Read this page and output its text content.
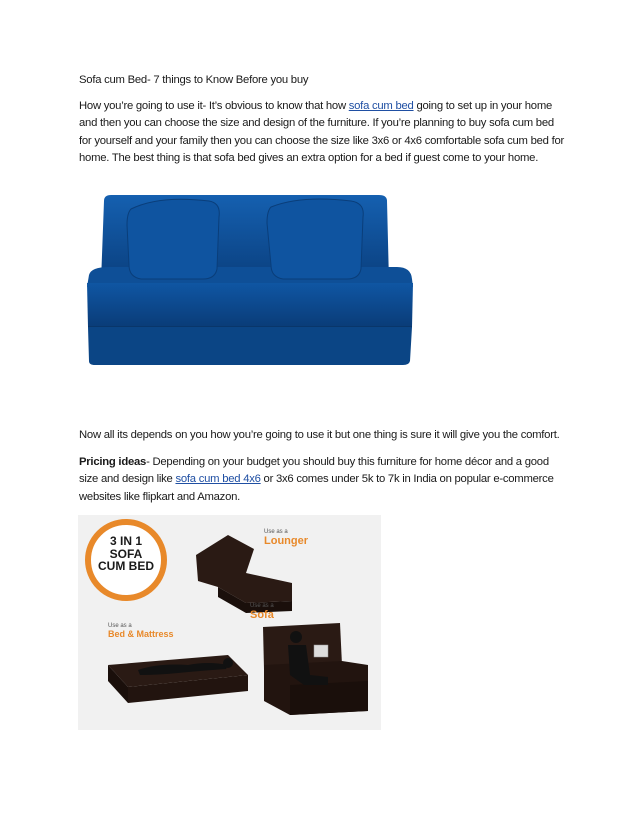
Sofa cum Bed- 7 things to Know Before you buy
How you’re going to use it- It’s obvious to know that how sofa cum bed going to set up in your home and then you can choose the size and design of the furniture. If you’re planning to buy sofa cum bed for yourself and your family then you can choose the size like 3x6 or 4x6 comfortable sofa cum bed for home. The best thing is that sofa bed gives an extra option for a bed if guest come to your home.
Now all its depends on you how you’re going to use it but one thing is sure it will give you the comfort.
Pricing ideas- Depending on your budget you should buy this furniture for home décor and a good size and design like sofa cum bed 4x6 or 3x6 comes under 5k to 7k in India on popular e-commerce websites like flipkart and Amazon.
3 IN 1
SOFA
CUM BED
Use as a
Lounger
Use as a
Sofa
Use as a
Bed & Mattress
